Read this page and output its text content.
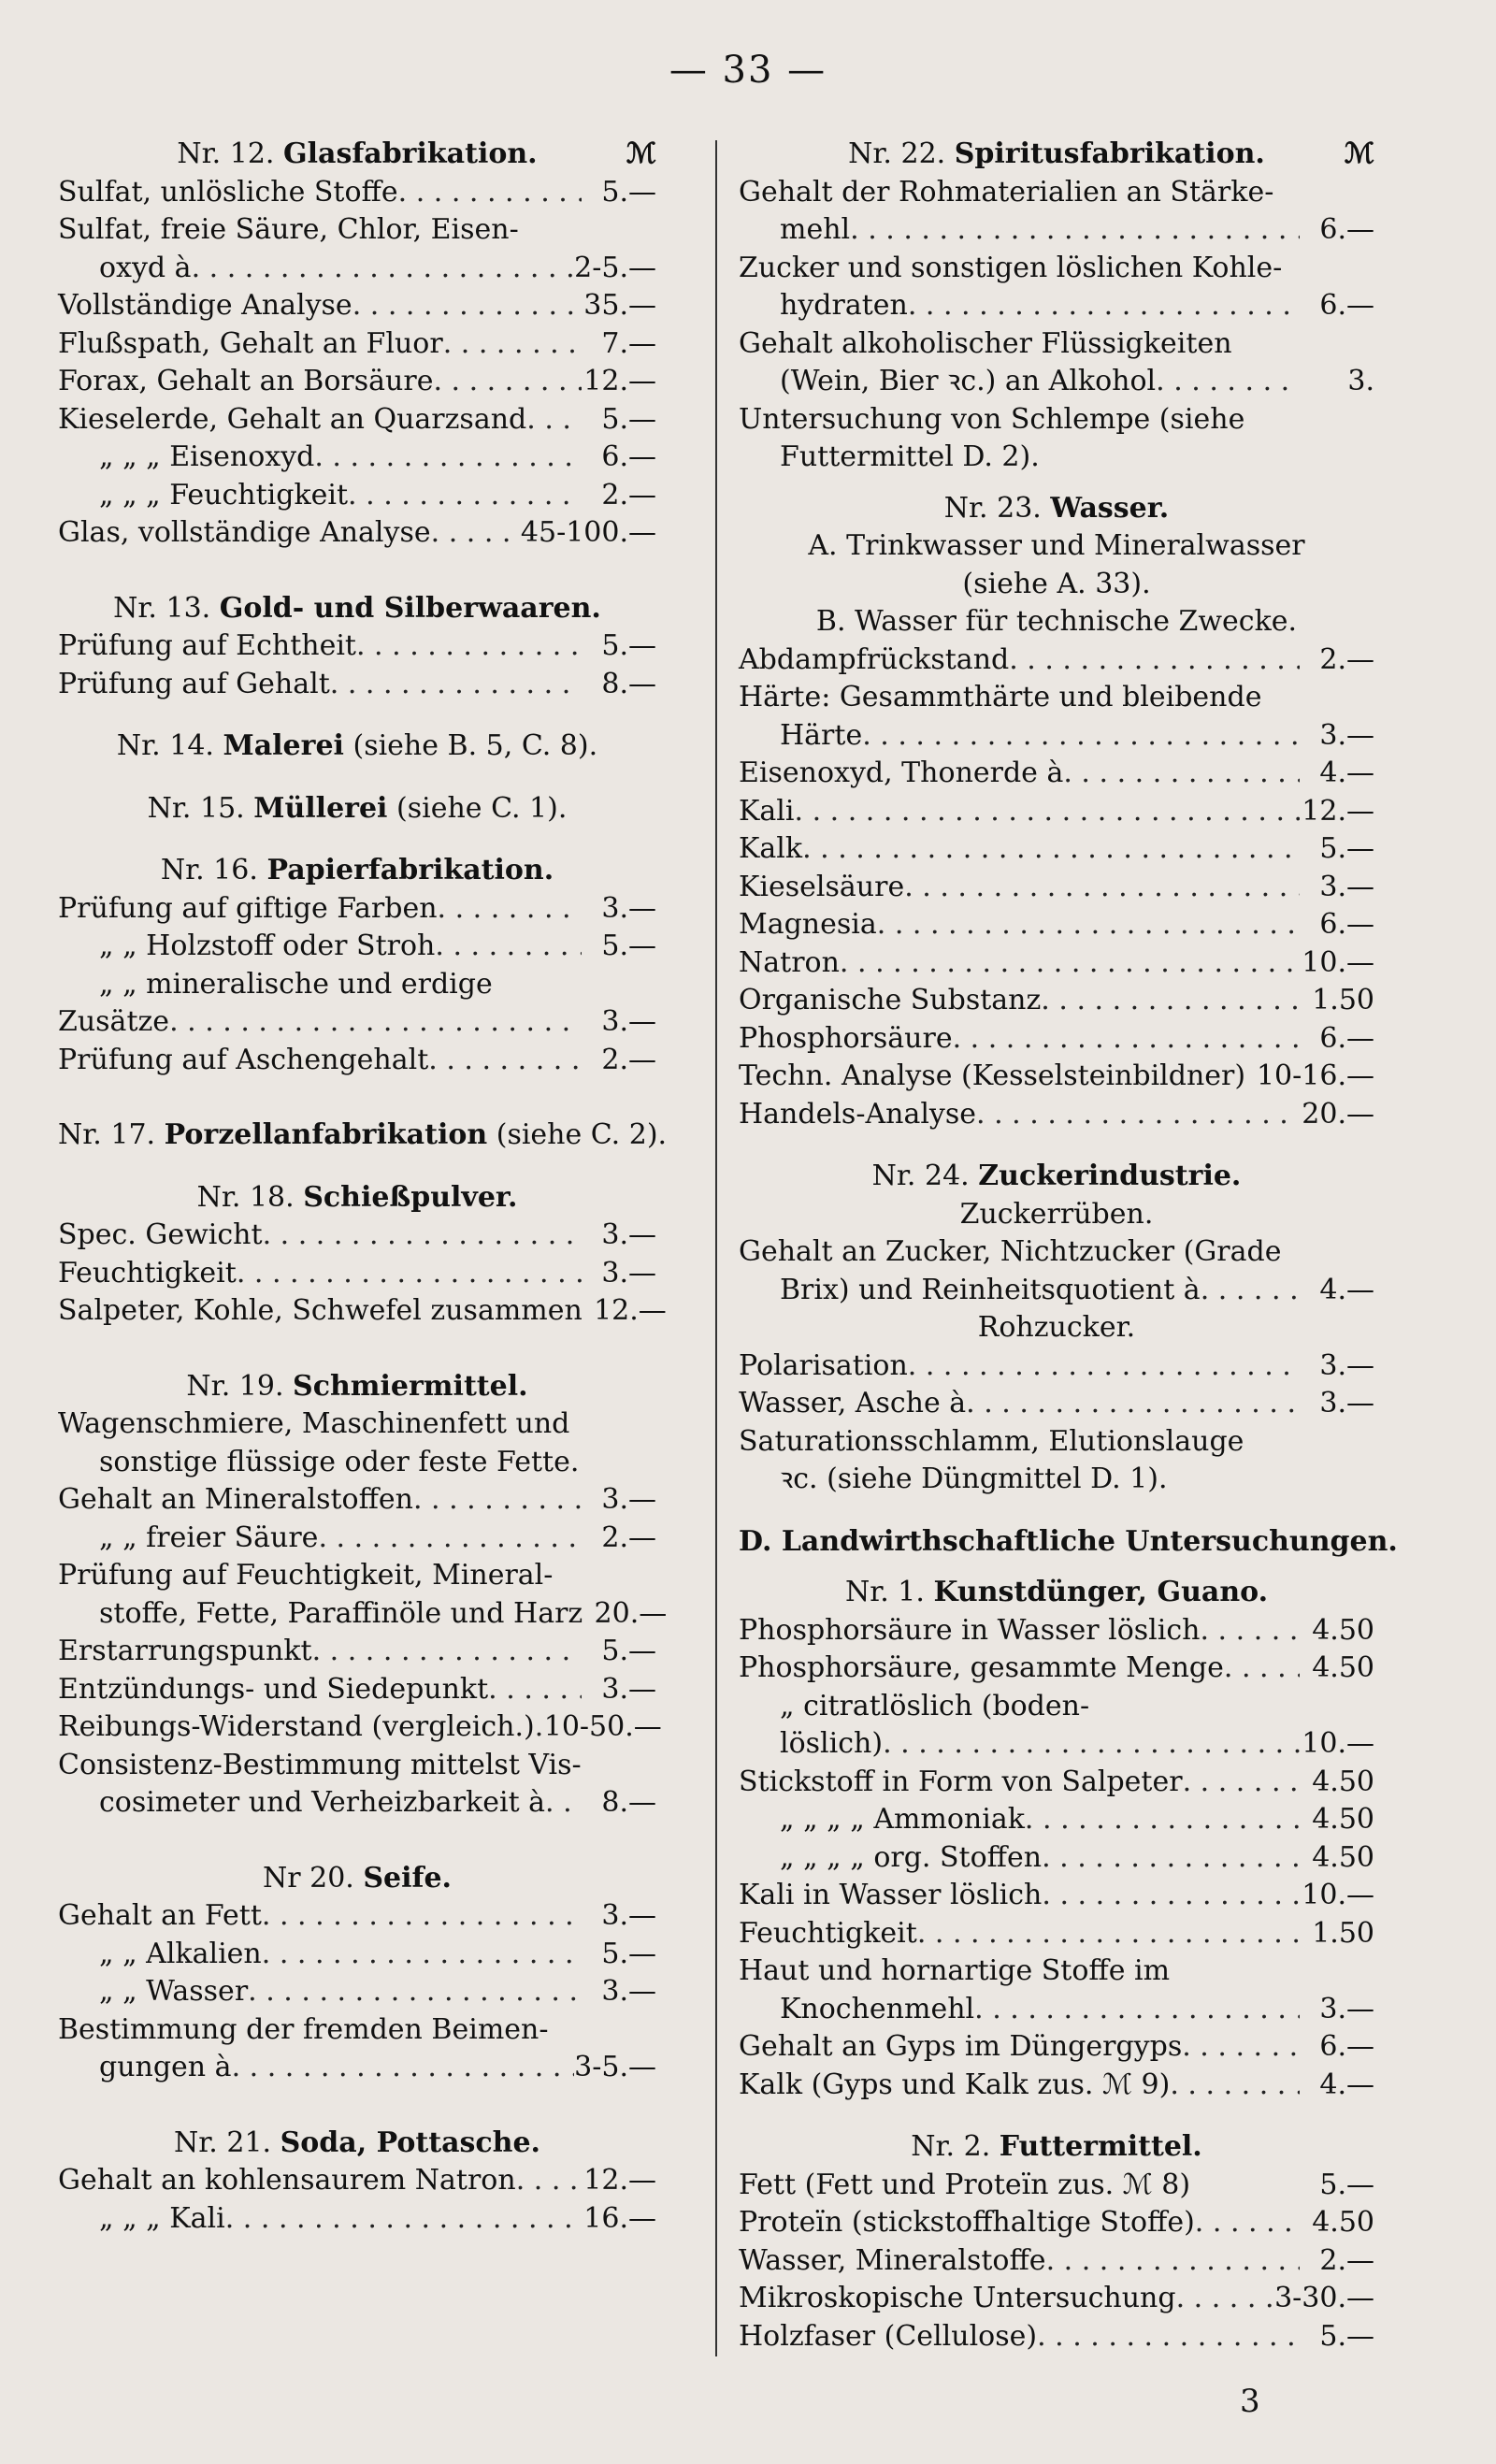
— 33 —
Nr. 12. Glasfabrikation.	ℳ
Sulfat, unlösliche Stoffe . . .	5.—
Sulfat, freie Säure, Chlor, Eisen-
oxyd à . . .	2-5.—
Vollständige Analyse . . .	35.—
Flußspath, Gehalt an Fluor . . .	7.—
Forax, Gehalt an Borsäure . . .	12.—
Kieselerde, Gehalt an Quarzsand . . .	5.—
„ „ „ Eisenoxyd . . .	6.—
„ „ „ Feuchtigkeit . . .	2.—
Glas, vollständige Analyse . . .	45-100.—
Nr. 13. Gold- und Silberwaaren.
Prüfung auf Echtheit . . .	5.—
Prüfung auf Gehalt . . .	8.—
Nr. 14. Malerei (siehe B. 5, C. 8).
Nr. 15. Müllerei (siehe C. 1).
Nr. 16. Papierfabrikation.
Prüfung auf giftige Farben . . .	3.—
„ „ Holzstoff oder Stroh . . .	5.—
„ „ mineralische und erdige
Zusätze . . .	3.—
Prüfung auf Aschengehalt . . .	2.—
Nr. 17. Porzellanfabrikation (siehe C. 2).
Nr. 18. Schießpulver.
Spec. Gewicht . . .	3.—
Feuchtigkeit . . .	3.—
Salpeter, Kohle, Schwefel zusammen 12.—
Nr. 19. Schmiermittel.
Wagenschmiere, Maschinenfett und
sonstige flüssige oder feste Fette.
Gehalt an Mineralstoffen . . .	3.—
„ „ freier Säure . . .	2.—
Prüfung auf Feuchtigkeit, Mineral-
stoffe, Fette, Paraffinöle und Harz 20.—
Erstarrungspunkt . . .	5.—
Entzündungs- und Siedepunkt . . .	3.—
Reibungs-Widerstand (vergleich.) . . . 10-50.—
Consistenz-Bestimmung mittelst Vis-
cosimeter und Verheizbarkeit à . . .	8.—
Nr 20. Seife.
Gehalt an Fett . . .	3.—
„ „ Alkalien . . .	5.—
„ „ Wasser . . .	3.—
Bestimmung der fremden Beimen-
gungen à . . .	3-5.—
Nr. 21. Soda, Pottasche.
Gehalt an kohlensaurem Natron . . . 12.—
„ „ „ Kali . . .	16.—
Nr. 22. Spiritusfabrikation.	ℳ
Gehalt der Rohmaterialien an Stärke-
mehl . . .	6.—
Zucker und sonstigen löslichen Kohle-
hydraten . . .	6.—
Gehalt alkoholischer Flüssigkeiten
(Wein, Bier ꝛc.) an Alkohol . . .	3.
Untersuchung von Schlempe (siehe
Futtermittel D. 2).
Nr. 23. Wasser.
A. Trinkwasser und Mineralwasser
(siehe A. 33).
B. Wasser für technische Zwecke.
Abdampfrückstand . . .	2.—
Härte: Gesammthärte und bleibende
Härte . . .	3.—
Eisenoxyd, Thonerde à . . .	4.—
Kali . . .	12.—
Kalk . . .	5.—
Kieselsäure . . .	3.—
Magnesia . . .	6.—
Natron . . .	10.—
Organische Substanz . . .	1.50
Phosphorsäure . . .	6.—
Techn. Analyse (Kesselsteinbildner) 10-16.—
Handels-Analyse . . .	20.—
Nr. 24. Zuckerindustrie.
Zuckerrüben.
Gehalt an Zucker, Nichtzucker (Grade
Brix) und Reinheitsquotient à . . .	4.—
Rohzucker.
Polarisation . . .	3.—
Wasser, Asche à . . .	3.—
Saturationsschlamm, Elutionslauge
ꝛc. (siehe Düngmittel D. 1).
D. Landwirthschaftliche Untersuchungen.
Nr. 1. Kunstdünger, Guano.
Phosphorsäure in Wasser löslich . . .	4.50
Phosphorsäure, gesammte Menge . . .	4.50
„ citratlöslich (boden-
löslich) . . .	10.—
Stickstoff in Form von Salpeter . . .	4.50
„ „ „ „ Ammoniak . . .	4.50
„ „ „ „ org. Stoffen . . .	4.50
Kali in Wasser löslich . . .	10.—
Feuchtigkeit . . .	1.50
Haut und hornartige Stoffe im
Knochenmehl . . .	3.—
Gehalt an Gyps im Düngergyps . . .	6.—
Kalk (Gyps und Kalk zus. ℳ 9) . . .	4.—
Nr. 2. Futtermittel.
Fett (Fett und Proteïn zus. ℳ 8)	5.—
Proteïn (stickstoffhaltige Stoffe) . . .	4.50
Wasser, Mineralstoffe . . .	2.—
Mikroskopische Untersuchung . . .	3-30.—
Holzfaser (Cellulose) . . .	5.—
3
